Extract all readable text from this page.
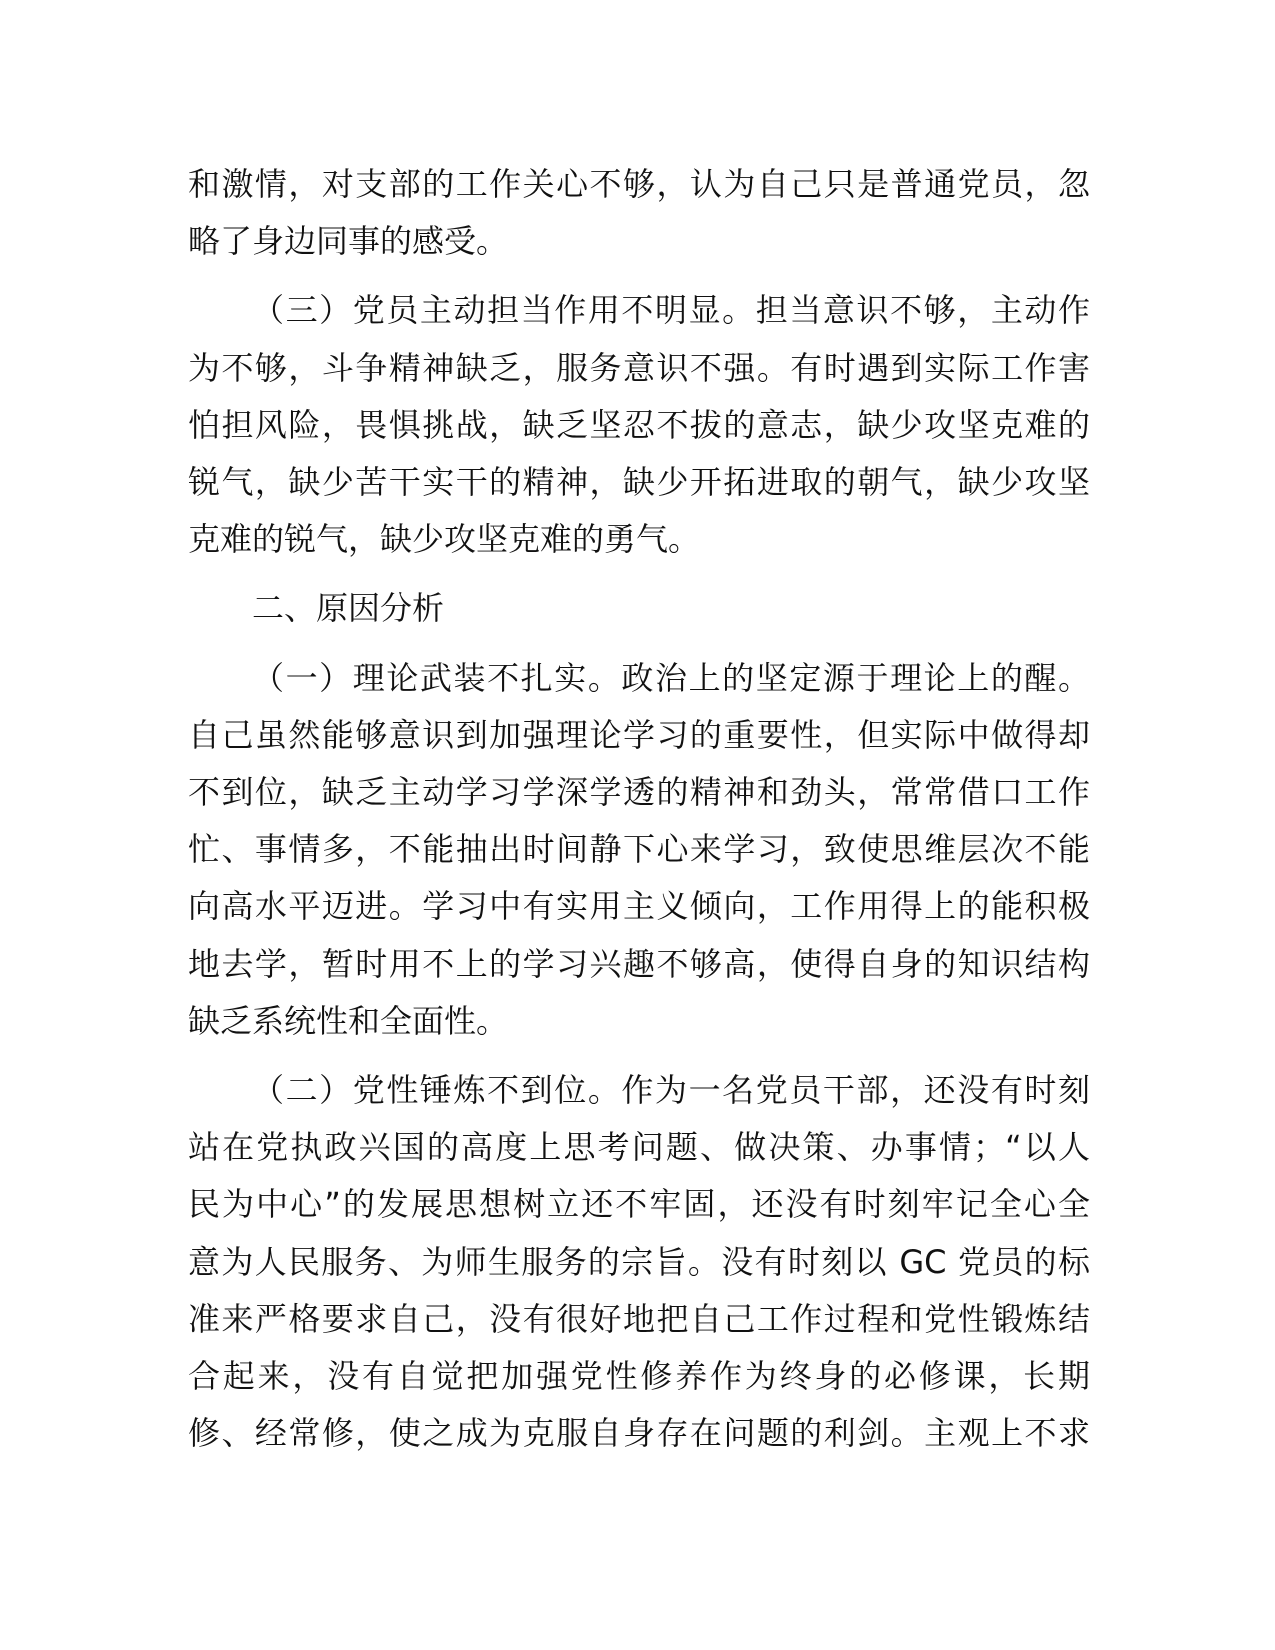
和激情，对支部的工作关心不够，认为自己只是普通党员，忽
略了身边同事的感受。

（三）党员主动担当作用不明显。担当意识不够，主动作
为不够，斗争精神缺乏，服务意识不强。有时遇到实际工作害
怕担风险，畏惧挑战，缺乏坚忍不拔的意志，缺少攻坚克难的
锐气，缺少苦干实干的精神，缺少开拓进取的朝气，缺少攻坚
克难的锐气，缺少攻坚克难的勇气。

二、原因分析

（一）理论武装不扎实。政治上的坚定源于理论上的醒。
自己虽然能够意识到加强理论学习的重要性，但实际中做得却
不到位，缺乏主动学习学深学透的精神和劲头，常常借口工作
忙、事情多，不能抽出时间静下心来学习，致使思维层次不能
向高水平迈进。学习中有实用主义倾向，工作用得上的能积极
地去学，暂时用不上的学习兴趣不够高，使得自身的知识结构
缺乏系统性和全面性。

（二）党性锤炼不到位。作为一名党员干部，还没有时刻
站在党执政兴国的高度上思考问题、做决策、办事情；“以人
民为中心”的发展思想树立还不牢固，还没有时刻牢记全心全
意为人民服务、为师生服务的宗旨。没有时刻以 GC 党员的标
准来严格要求自己，没有很好地把自己工作过程和党性锻炼结
合起来，没有自觉把加强党性修养作为终身的必修课，长期
修、经常修，使之成为克服自身存在问题的利剑。主观上不求
